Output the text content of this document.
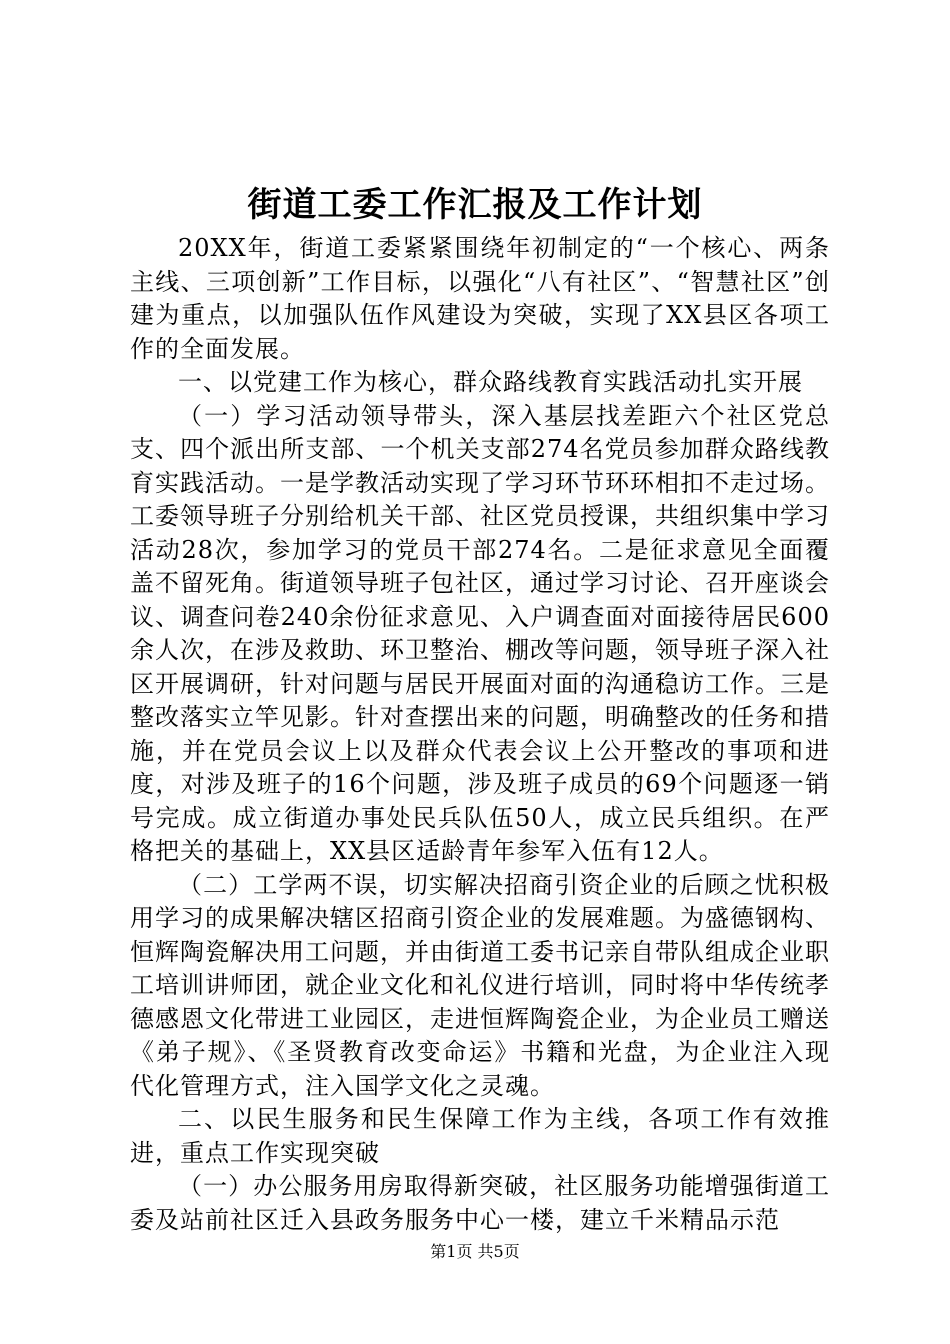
街道工委工作汇报及工作计划

20XX年，街道工委紧紧围绕年初制定的“一个核心、两条主线、三项创新”工作目标，以强化“八有社区”、“智慧社区”创建为重点，以加强队伍作风建设为突破，实现了XX县区各项工作的全面发展。

一、以党建工作为核心，群众路线教育实践活动扎实开展

（一）学习活动领导带头，深入基层找差距六个社区党总支、四个派出所支部、一个机关支部274名党员参加群众路线教育实践活动。一是学教活动实现了学习环节环环相扣不走过场。工委领导班子分别给机关干部、社区党员授课，共组织集中学习活动28次，参加学习的党员干部274名。二是征求意见全面覆盖不留死角。街道领导班子包社区，通过学习讨论、召开座谈会议、调查问卷240余份征求意见、入户调查面对面接待居民600余人次，在涉及救助、环卫整治、棚改等问题，领导班子深入社区开展调研，针对问题与居民开展面对面的沟通稳访工作。三是整改落实立竿见影。针对查摆出来的问题，明确整改的任务和措施，并在党员会议上以及群众代表会议上公开整改的事项和进度，对涉及班子的16个问题，涉及班子成员的69个问题逐一销号完成。成立街道办事处民兵队伍50人，成立民兵组织。在严格把关的基础上，XX县区适龄青年参军入伍有12人。

（二）工学两不误，切实解决招商引资企业的后顾之忧积极用学习的成果解决辖区招商引资企业的发展难题。为盛德钢构、恒辉陶瓷解决用工问题，并由街道工委书记亲自带队组成企业职工培训讲师团，就企业文化和礼仪进行培训，同时将中华传统孝德感恩文化带进工业园区，走进恒辉陶瓷企业，为企业员工赠送《弟子规》、《圣贤教育改变命运》书籍和光盘，为企业注入现代化管理方式，注入国学文化之灵魂。

二、以民生服务和民生保障工作为主线，各项工作有效推进，重点工作实现突破

（一）办公服务用房取得新突破，社区服务功能增强街道工委及站前社区迁入县政务服务中心一楼，建立千米精品示范

第1页 共5页
